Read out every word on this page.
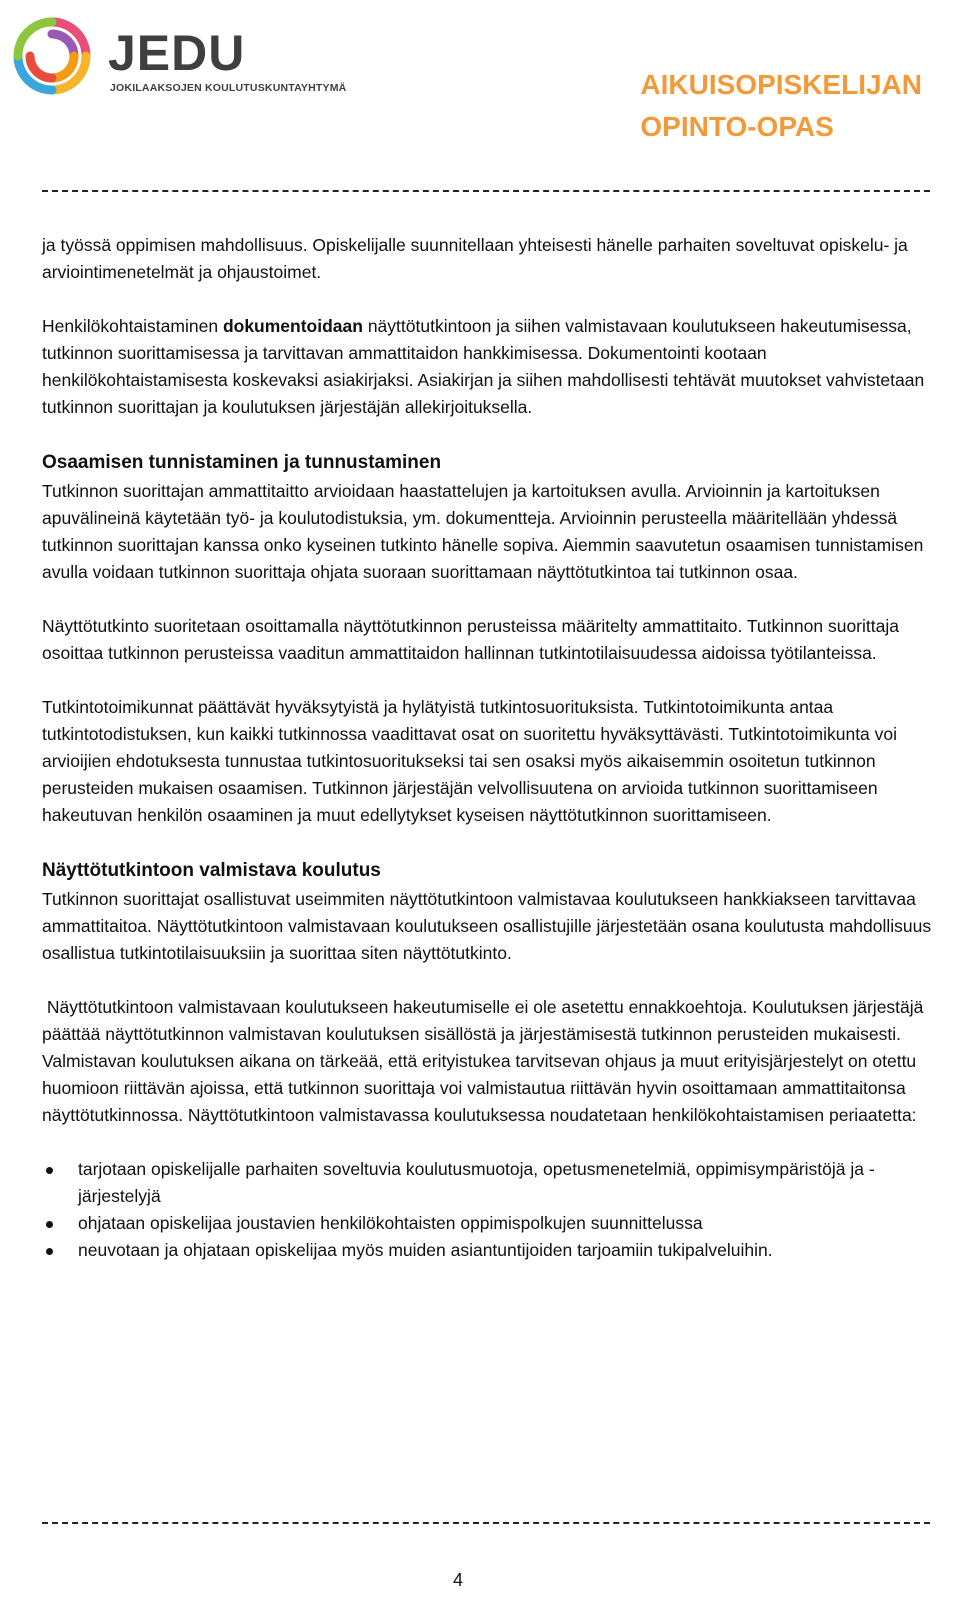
JEDU
JOKILAAKSOJEN KOULUTUSKUNTAYHTYMÄ	AIKUISOPISKELIJAN
OPINTO-OPAS

ja työssä oppimisen mahdollisuus. Opiskelijalle suunnitellaan yhteisesti hänelle parhaiten soveltuvat opiskelu- ja arviointimenetelmät ja ohjaustoimet.

Henkilökohtaistaminen dokumentoidaan näyttötutkintoon ja siihen valmistavaan koulutukseen hakeutumisessa, tutkinnon suorittamisessa ja tarvittavan ammattitaidon hankkimisessa. Dokumentointi kootaan henkilökohtaistamisesta koskevaksi asiakirjaksi. Asiakirjan ja siihen mahdollisesti tehtävät muutokset vahvistetaan tutkinnon suorittajan ja koulutuksen järjestäjän allekirjoituksella.

Osaamisen tunnistaminen ja tunnustaminen

Tutkinnon suorittajan ammattitaitto arvioidaan haastattelujen ja kartoituksen avulla. Arvioinnin ja kartoituksen apuvälineinä käytetään työ- ja koulutodistuksia, ym. dokumentteja. Arvioinnin perusteella määritellään yhdessä tutkinnon suorittajan kanssa onko kyseinen tutkinto hänelle sopiva. Aiemmin saavutetun osaamisen tunnistamisen avulla voidaan tutkinnon suorittaja ohjata suoraan suorittamaan näyttötutkintoa tai tutkinnon osaa.

Näyttötutkinto suoritetaan osoittamalla näyttötutkinnon perusteissa määritelty ammattitaito. Tutkinnon suorittaja osoittaa tutkinnon perusteissa vaaditun ammattitaidon hallinnan tutkintotilaisuudessa aidoissa työtilanteissa.

Tutkintotoimikunnat päättävät hyväksytyistä ja hylätyistä tutkintosuorituksista. Tutkintotoimikunta antaa tutkintotodistuksen, kun kaikki tutkinnossa vaadittavat osat on suoritettu hyväksyttävästi. Tutkintotoimikunta voi arvioijien ehdotuksesta tunnustaa tutkintosuoritukseksi tai sen osaksi myös aikaisemmin osoitetun tutkinnon perusteiden mukaisen osaamisen. Tutkinnon järjestäjän velvollisuutena on arvioida tutkinnon suorittamiseen hakeutuvan henkilön osaaminen ja muut edellytykset kyseisen näyttötutkinnon suorittamiseen.

Näyttötutkintoon valmistava koulutus

Tutkinnon suorittajat osallistuvat useimmiten näyttötutkintoon valmistavaa koulutukseen hankkiakseen tarvittavaa ammattitaitoa. Näyttötutkintoon valmistavaan koulutukseen osallistujille järjestetään osana koulutusta mahdollisuus osallistua tutkintotilaisuuksiin ja suorittaa siten näyttötutkinto.

Näyttötutkintoon valmistavaan koulutukseen hakeutumiselle ei ole asetettu ennakkoehtoja. Koulutuksen järjestäjä päättää näyttötutkinnon valmistavan koulutuksen sisällöstä ja järjestämisestä tutkinnon perusteiden mukaisesti. Valmistavan koulutuksen aikana on tärkeää, että erityistukea tarvitsevan ohjaus ja muut erityisjärjestelyt on otettu huomioon riittävän ajoissa, että tutkinnon suorittaja voi valmistautua riittävän hyvin osoittamaan ammattitaitonsa näyttötutkinnossa. Näyttötutkintoon valmistavassa koulutuksessa noudatetaan henkilökohtaistamisen periaatetta:

tarjotaan opiskelijalle parhaiten soveltuvia koulutusmuotoja, opetusmenetelmiä, oppimisympäristöjä ja -järjestelyjä
ohjataan opiskelijaa joustavien henkilökohtaisten oppimispolkujen suunnittelussa
neuvotaan ja ohjataan opiskelijaa myös muiden asiantuntijoiden tarjoamiin tukipalveluihin.
4
